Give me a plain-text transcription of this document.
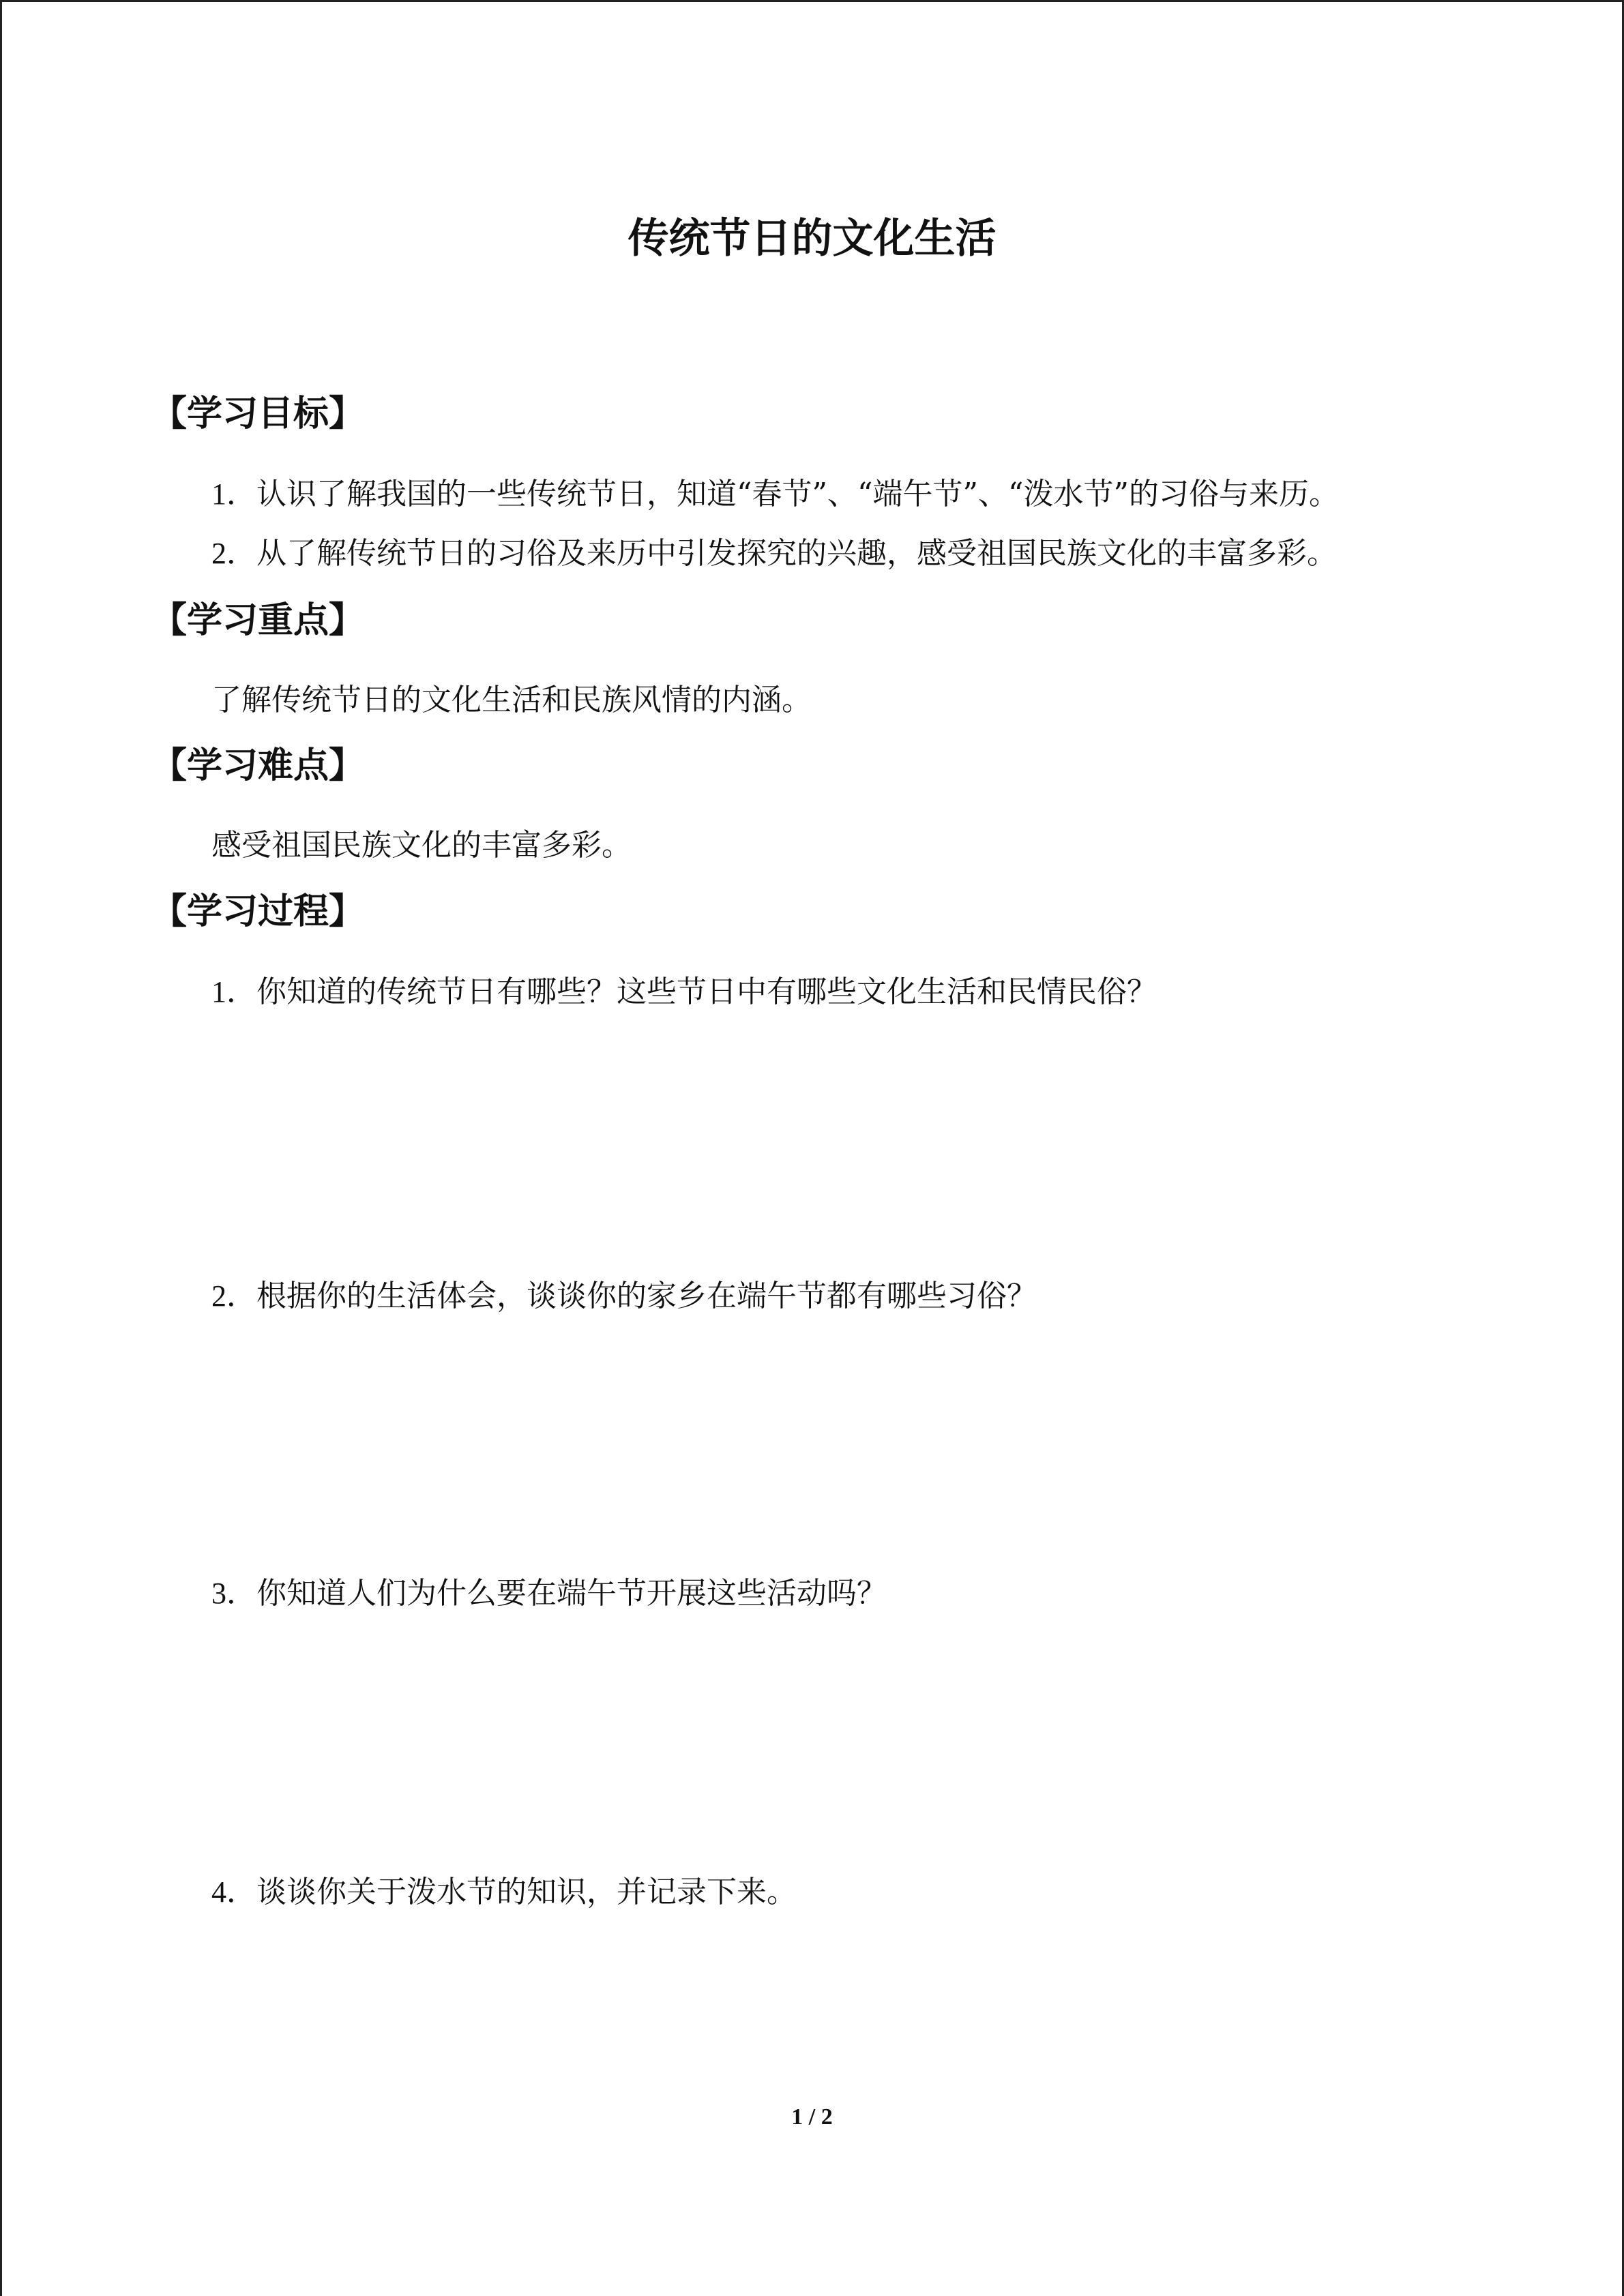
传统节日的文化生活
【学习目标】
1．认识了解我国的一些传统节日，知道“春节”、“端午节”、“泼水节”的习俗与来历。
2．从了解传统节日的习俗及来历中引发探究的兴趣，感受祖国民族文化的丰富多彩。
【学习重点】
了解传统节日的文化生活和民族风情的内涵。
【学习难点】
感受祖国民族文化的丰富多彩。
【学习过程】
1．你知道的传统节日有哪些？这些节日中有哪些文化生活和民情民俗？
2．根据你的生活体会，谈谈你的家乡在端午节都有哪些习俗？
3．你知道人们为什么要在端午节开展这些活动吗？
4．谈谈你关于泼水节的知识，并记录下来。
1 / 2
